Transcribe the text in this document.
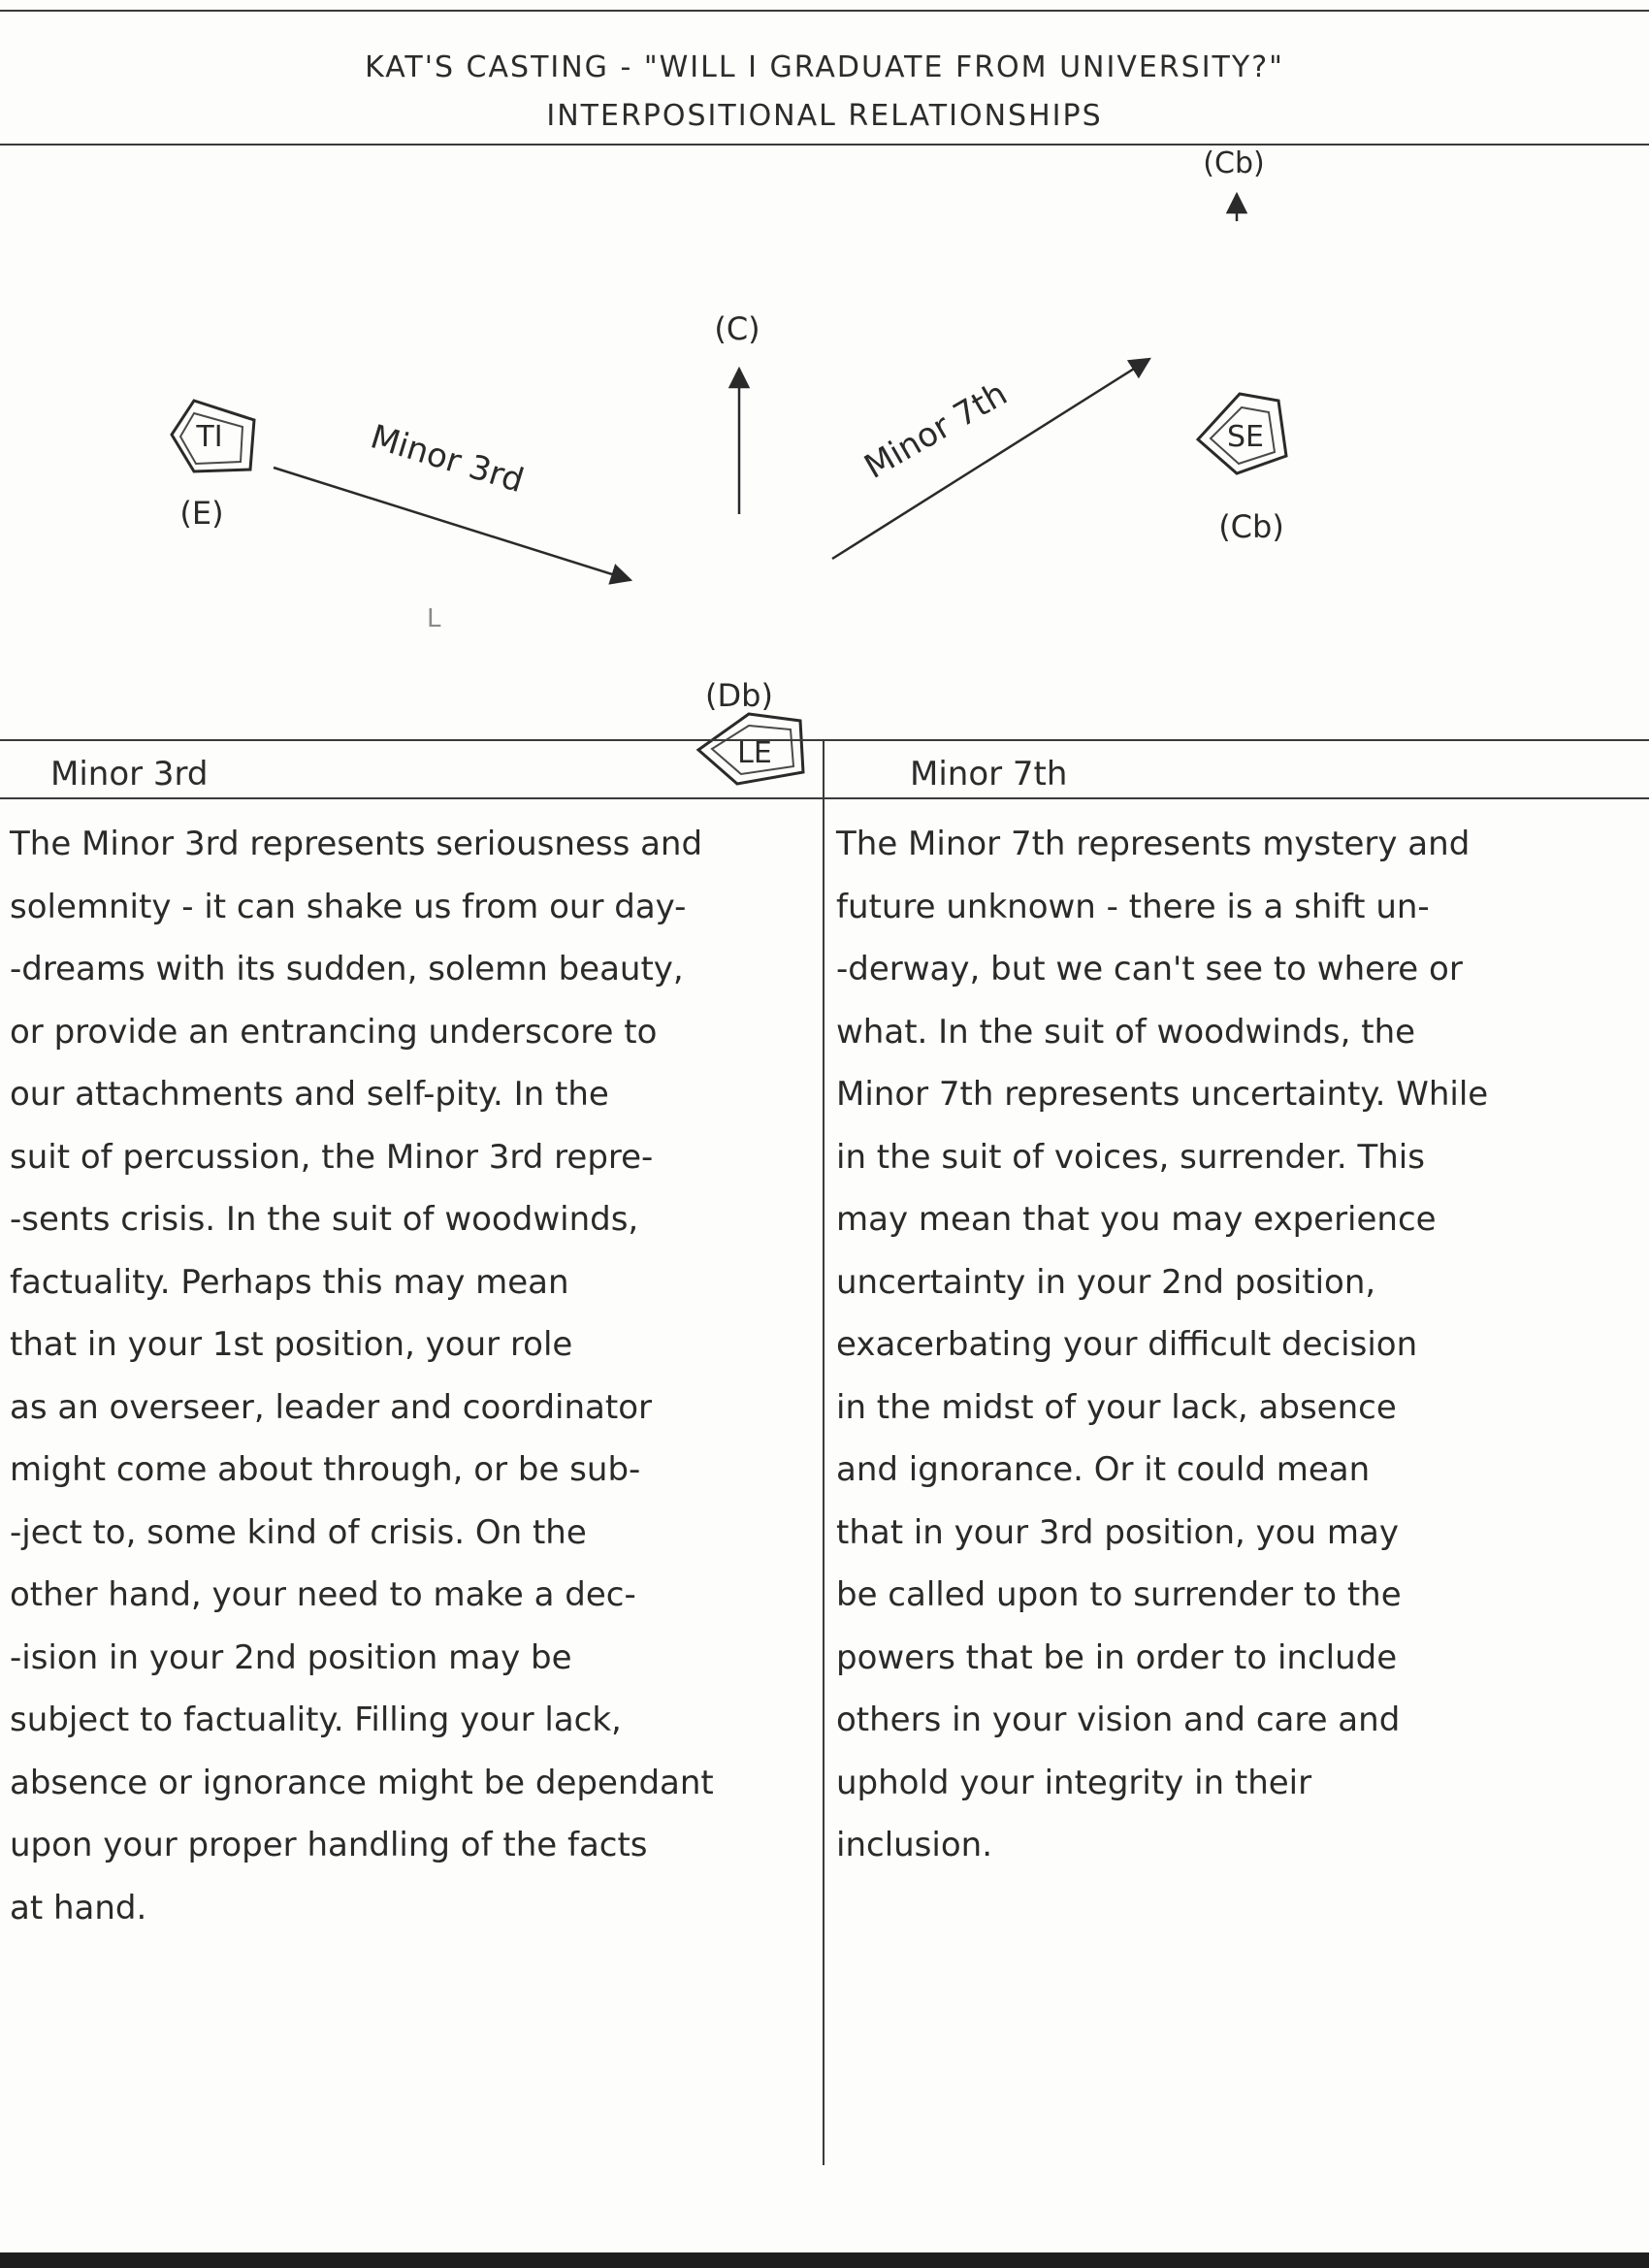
KAT'S CASTING - "WILL I GRADUATE FROM UNIVERSITY?"
INTERPOSITIONAL RELATIONSHIPS
TI
(E)
LE
(Db)
SE
(Cb)
(C)
(Cb)
Minor 3rd	Minor 7th
L
Minor 3rd	Minor 7th
The Minor 3rd represents seriousness and
solemnity - it can shake us from our day-
-dreams with its sudden, solemn beauty,
or provide an entrancing underscore to
our attachments and self-pity. In the
suit of percussion, the Minor 3rd repre-
-sents crisis. In the suit of woodwinds,
factuality. Perhaps this may mean
that in your 1st position, your role
as an overseer, leader and coordinator
might come about through, or be sub-
-ject to, some kind of crisis. On the
other hand, your need to make a dec-
-ision in your 2nd position may be
subject to factuality. Filling your lack,
absence or ignorance might be dependant
upon your proper handling of the facts
at hand.
The Minor 7th represents mystery and
future unknown - there is a shift un-
-derway, but we can't see to where or
what. In the suit of woodwinds, the
Minor 7th represents uncertainty. While
in the suit of voices, surrender. This
may mean that you may experience
uncertainty in your 2nd position,
exacerbating your difficult decision
in the midst of your lack, absence
and ignorance. Or it could mean
that in your 3rd position, you may
be called upon to surrender to the
powers that be in order to include
others in your vision and care and
uphold your integrity in their
inclusion.
